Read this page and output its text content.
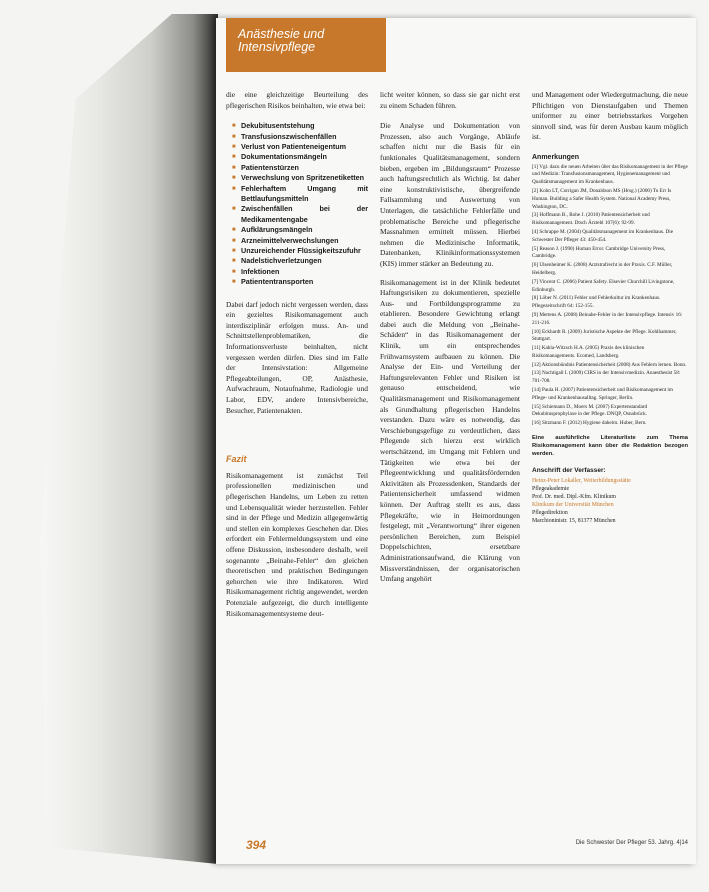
Anästhesie und
Intensivpflege

die eine gleichzeitige Beurteilung des pflegerischen Risikos beinhalten, wie etwa bei:

■ Dekubitusentstehung
■ Transfusionszwischenfällen
■ Verlust von Patienteneigentum
■ Dokumentationsmängeln
■ Patientenstürzen
■ Verwechslung von Spritzenetiketten
■ Fehlerhaftem Umgang mit Bettlaufungsmitteln
■ Zwischenfällen bei der Medikamentengabe
■ Aufklärungsmängeln
■ Arzneimittelverwechslungen
■ Unzureichender Flüssigkeitszufuhr
■ Nadelstichverletzungen
■ Infektionen
■ Patiententransporten

Dabei darf jedoch nicht vergessen werden, dass ein gezieltes Risikomanagement auch interdisziplinär erfolgen muss. An- und Schnittstellenproblematiken, die Informationsverluste beinhalten, nicht vergessen werden dürfen. Dies sind im Falle der Intensivstation: Allgemeine Pflegeabteilungen, OP, Anästhesie, Aufwachraum, Notaufnahme, Radiologie und Labor, EDV, andere Intensivbereiche, Besucher, Patientenakten.

Fazit

Risikomanagement ist zunächst Teil professionellen medizinischen und pflegerischen Handelns, um Leben zu retten und Lebensqualität wieder herzustellen. Fehler sind in der Pflege und Medizin allgegenwärtig und stellen ein komplexes Geschehen dar. Dies erfordert ein Fehlermeldungssystem und eine offene Diskussion, insbesondere deshalb, weil sogenannte „Beinahe-Fehler“ den gleichen theoretischen und praktischen Bedingungen gehorchen wie ihre Indikatoren. Wird Risikomanagement richtig angewendet, werden Potenziale aufgezeigt, die durch intelligente Risikomanagementsysteme deut-

licht weiter können, so dass sie gar nicht erst zu einem Schaden führen.

Die Analyse und Dokumentation von Prozessen, also auch Vorgänge, Abläufe schaffen nicht nur die Basis für ein funktionales Qualitätsmanagement, sondern bieben, ergeben im „Bildungsraum“ Prozesse auch haftungsrechtlich als Wichtig. Ist daher eine konstruktivistische, übergreifende Fallsammlung und Auswertung von Unterlagen, die tatsächliche Fehlerfälle und problematische Bereiche und pflegerische Massnahmen ermittelt müssen. Hierbei nehmen die Medizinische Informatik, Datenbanken, Klinikinformationssystemen (KIS) immer stärker an Bedeutung zu.

Risikomanagement ist in der Klinik bedeutet Haftungsrisiken zu dokumentieren, spezielle Aus- und Fortbildungsprogramme zu etablieren. Besondere Gewichtung erlangt dabei auch die Meldung von „Beinahe-Schäden“ in das Risikomanagement der Klinik, um ein entsprechendes Frühwarnsystem aufbauen zu können. Die Analyse der Ein- und Verteilung der Haftungsrelevanten Fehler und Risiken ist genauso entscheidend, wie Qualitätsmanagement und Risikomanagement als Grundhaltung pflegerischen Handelns verstanden. Dazu wäre es notwendig, das Verschiebungsgefüge zu verdeutlichen, dass Pflegende sich hierzu erst wirklich wertschätzend, im Umgang mit Fehlern und Tätigkeiten wie etwa bei der Pflegeentwicklung und qualitätsfördernden Aktivitäten als Prozessdenken, Standards der Patientensicherheit umfassend widmen können. Der Auftrag stellt es aus, dass Pflegekräfte, wie in Heimordnungen festgelegt, mit „Verantwortung“ ihrer eigenen persönlichen Bereichen, zum Beispiel Doppelschichten, ersetzbare Administrationsaufwand, die Klärung von Missverständnissen, der organisatorischen Umfang angehört

und Management oder Wiedergutmachung, die neue Pflichtigen von Dienstaufgaben und Themen uniformer zu einer betriebsstarkes Vorgehen sinnvoll sind, was für deren Ausbau kaum möglich ist.

Anmerkungen

[1] Vgl. dazu die neuen Arbeiten über das Risikomanagement in der Pflege und Medizin: Transfusionsmanagement, Hygienemanagement und Qualitätsmanagement im Krankenhaus.

[2] Kohn LT, Corrigan JM, Donaldson MS (Hrsg.) (2000) To Err Is Human. Building a Safer Health System. National Academy Press, Washington, DC.

[3] Hoffmann B., Rohe J. (2010) Patientensicherheit und Risikomanagement. Dtsch Ärztebl 107(6): 92-99.

[4] Schrappe M. (2004) Qualitätsmanagement im Krankenhaus. Die Schwester Der Pfleger 43: 450-454.

[5] Reason J. (1990) Human Error. Cambridge University Press, Cambridge.

[6] Ulsenheimer K. (2008) Arztstrafrecht in der Praxis. C.F. Müller, Heidelberg.

[7] Vincent C. (2006) Patient Safety. Elsevier Churchill Livingstone, Edinburgh.

[8] Löber N. (2011) Fehler und Fehlerkultur im Krankenhaus. Pflegezeitschrift 64: 152-155.

[9] Mertens A. (2008) Beinahe-Fehler in der Intensivpflege. Intensiv 16: 211-216.

[10] Eckhardt R. (2009) Juristische Aspekte der Pflege. Kohlhammer, Stuttgart.

[11] Kahla-Witzsch H.A. (2005) Praxis des klinischen Risikomanagements. Ecomed, Landsberg.

[12] Aktionsbündnis Patientensicherheit (2008) Aus Fehlern lernen. Bonn.

[13] Nachtigall I. (2009) CIRS in der Intensivmedizin. Anaesthesist 58: 701-708.

[14] Paula H. (2007) Patientensicherheit und Risikomanagement im Pflege- und Krankenhausalltag. Springer, Berlin.

[15] Schiemann D., Moers M. (2007) Expertenstandard Dekubitusprophylaxe in der Pflege. DNQP, Osnabrück.

[16] Sitzmann F. (2012) Hygiene daheim. Huber, Bern.

Eine ausführliche Literaturliste zum Thema Risikomanagement kann über die Redaktion bezogen werden.
Anschrift der Verfasser:
Heinz-Peter Lokaller, Weiterbildungsstätte
Pflegeakademie
Prof. Dr. med. Dipl.-Kfm. Klinikum
Klinikum der Universität München
Pflegedirektion
Marchioninistr. 15, 81377 München
394	Die Schwester Der Pfleger 53. Jahrg. 4|14
